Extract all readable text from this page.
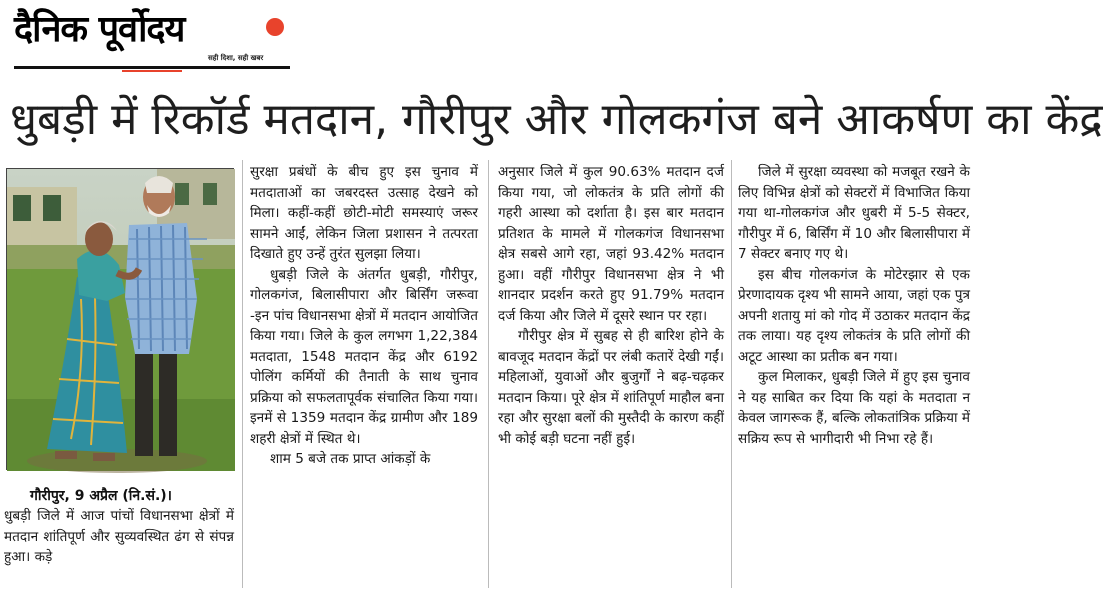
दैनिक पूर्वोदय
सही दिशा, सही खबर
धुबड़ी में रिकॉर्ड मतदान, गौरीपुर और गोलकगंज बने आकर्षण का केंद्र
गौरीपुर, 9 अप्रैल (नि.सं.)।

धुबड़ी जिले में आज पांचों विधानसभा क्षेत्रों में मतदान शांतिपूर्ण और सुव्यवस्थित ढंग से संपन्न हुआ। कड़े

सुरक्षा प्रबंधों के बीच हुए इस चुनाव में मतदाताओं का जबरदस्त उत्साह देखने को मिला। कहीं-कहीं छोटी-मोटी समस्याएं जरूर सामने आईं, लेकिन जिला प्रशासन ने तत्परता दिखाते हुए उन्हें तुरंत सुलझा लिया।

धुबड़ी जिले के अंतर्गत धुबड़ी, गौरीपुर, गोलकगंज, बिलासीपारा और बिर्सिंग जरूवा -इन पांच विधानसभा क्षेत्रों में मतदान आयोजित किया गया। जिले के कुल लगभग 1,22,384 मतदाता, 1548 मतदान केंद्र और 6192 पोलिंग कर्मियों की तैनाती के साथ चुनाव प्रक्रिया को सफलतापूर्वक संचालित किया गया। इनमें से 1359 मतदान केंद्र ग्रामीण और 189 शहरी क्षेत्रों में स्थित थे।

शाम 5 बजे तक प्राप्त आंकड़ों के

अनुसार जिले में कुल 90.63% मतदान दर्ज किया गया, जो लोकतंत्र के प्रति लोगों की गहरी आस्था को दर्शाता है। इस बार मतदान प्रतिशत के मामले में गोलकगंज विधानसभा क्षेत्र सबसे आगे रहा, जहां 93.42% मतदान हुआ। वहीं गौरीपुर विधानसभा क्षेत्र ने भी शानदार प्रदर्शन करते हुए 91.79% मतदान दर्ज किया और जिले में दूसरे स्थान पर रहा।

गौरीपुर क्षेत्र में सुबह से ही बारिश होने के बावजूद मतदान केंद्रों पर लंबी कतारें देखी गईं। महिलाओं, युवाओं और बुजुर्गों ने बढ़-चढ़कर मतदान किया। पूरे क्षेत्र में शांतिपूर्ण माहौल बना रहा और सुरक्षा बलों की मुस्तैदी के कारण कहीं भी कोई बड़ी घटना नहीं हुई।

जिले में सुरक्षा व्यवस्था को मजबूत रखने के लिए विभिन्न क्षेत्रों को सेक्टरों में विभाजित किया गया था-गोलकगंज और धुबरी में 5-5 सेक्टर, गौरीपुर में 6, बिर्सिंग में 10 और बिलासीपारा में 7 सेक्टर बनाए गए थे।

इस बीच गोलकगंज के मोटेरझार से एक प्रेरणादायक दृश्य भी सामने आया, जहां एक पुत्र अपनी शतायु मां को गोद में उठाकर मतदान केंद्र तक लाया। यह दृश्य लोकतंत्र के प्रति लोगों की अटूट आस्था का प्रतीक बन गया।

कुल मिलाकर, धुबड़ी जिले में हुए इस चुनाव ने यह साबित कर दिया कि यहां के मतदाता न केवल जागरूक हैं, बल्कि लोकतांत्रिक प्रक्रिया में सक्रिय रूप से भागीदारी भी निभा रहे हैं।
